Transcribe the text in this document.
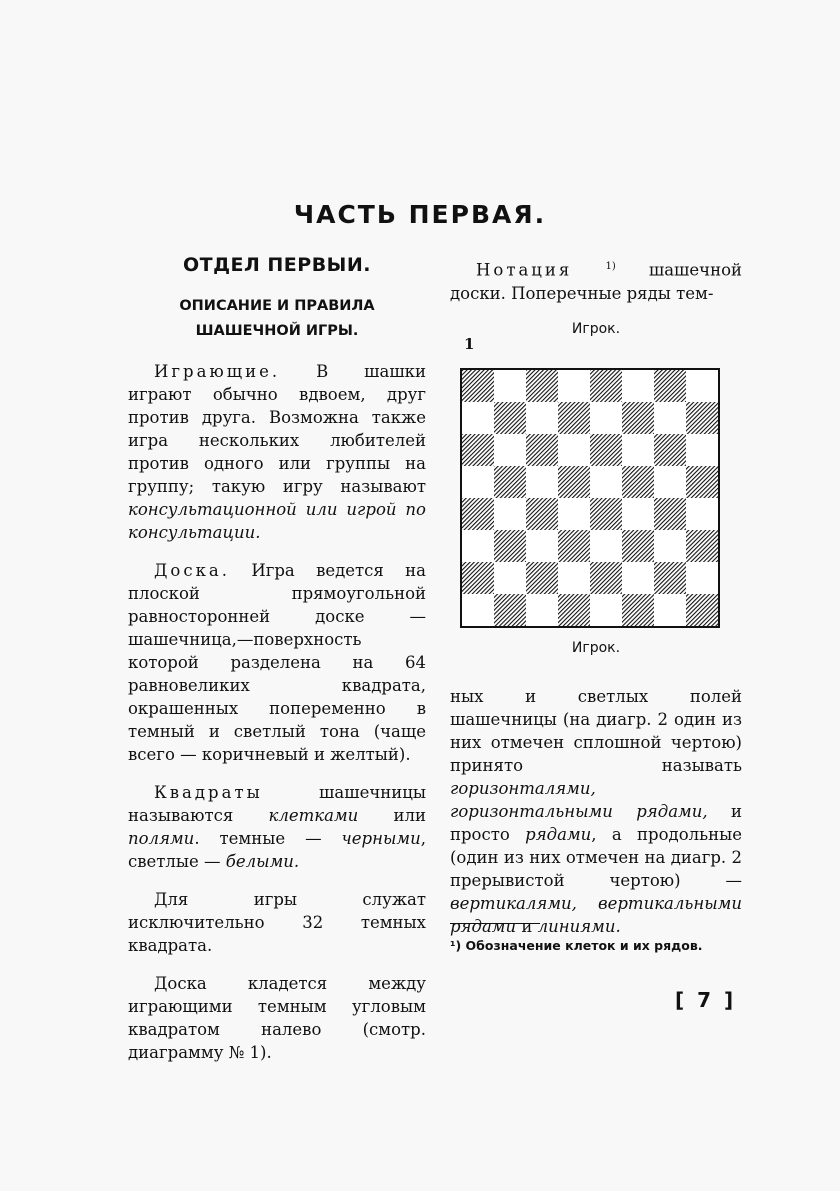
ЧАСТЬ ПЕРВАЯ.
ОТДЕЛ ПЕРВЫИ.
ОПИСАНИЕ И ПРАВИЛА ШАШЕЧНОЙ ИГРЫ.

Играющие. В шашки играют обычно вдвоем, друг против друга. Возможна также игра нескольких любителей против одного или группы на группу; такую игру называют консультационной или игрой по консультации.

Доска. Игра ведется на плоской прямоугольной равносторонней доске — шашечница,—поверхность которой разделена на 64 равновеликих квадрата, окрашенных попеременно в темный и светлый тона (чаще всего — коричневый и желтый).

Квадраты шашечницы называются клетками или полями. темные — черными, светлые — белыми.

Для игры служат исключительно 32 темных квадрата.

Доска кладется между играющими темным угловым квадратом налево (смотр. диаграмму № 1).

Нотация	$^{1)}$ шашечной доски. Поперечные ряды тем-

Игрок.
1
Игрок.

ных и светлых полей шашечницы (на диагр. 2 один из них отмечен сплошной чертою) принято называть горизонталями, горизонтальными рядами, и просто рядами, а продольные (один из них отмечен на диагр. 2 прерывистой чертою) — вертикалями, вертикальными рядами и линиями.

¹) Обозначение клеток и их рядов.
[ 7 ]
